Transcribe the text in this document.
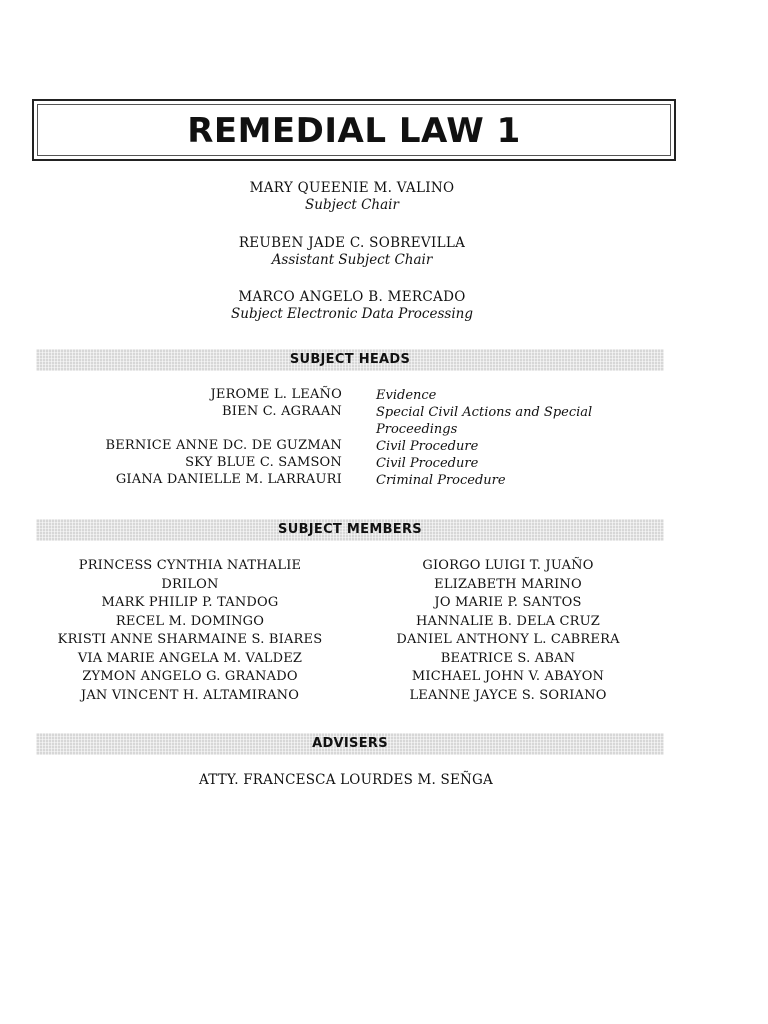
REMEDIAL LAW 1
MARY QUEENIE M. VALINO
Subject Chair
REUBEN JADE C. SOBREVILLA
Assistant Subject Chair
MARCO ANGELO B. MERCADO
Subject Electronic Data Processing
SUBJECT HEADS
JEROME L. LEAÑO	Evidence
BIEN C. AGRAAN	Special Civil Actions and Special Proceedings
BERNICE ANNE DC. DE GUZMAN	Civil Procedure
SKY BLUE C. SAMSON	Civil Procedure
GIANA DANIELLE M. LARRAURI	Criminal Procedure
SUBJECT MEMBERS
PRINCESS CYNTHIA NATHALIE
DRILON
MARK PHILIP P. TANDOG
RECEL M. DOMINGO
KRISTI ANNE SHARMAINE S. BIARES
VIA MARIE ANGELA M. VALDEZ
ZYMON ANGELO G. GRANADO
JAN VINCENT H. ALTAMIRANO
GIORGO LUIGI T. JUAÑO
ELIZABETH MARINO
JO MARIE P. SANTOS
HANNALIE B. DELA CRUZ
DANIEL ANTHONY L. CABRERA
BEATRICE S. ABAN
MICHAEL JOHN V. ABAYON
LEANNE JAYCE S. SORIANO
ADVISERS
ATTY. FRANCESCA LOURDES M. SEÑGA
